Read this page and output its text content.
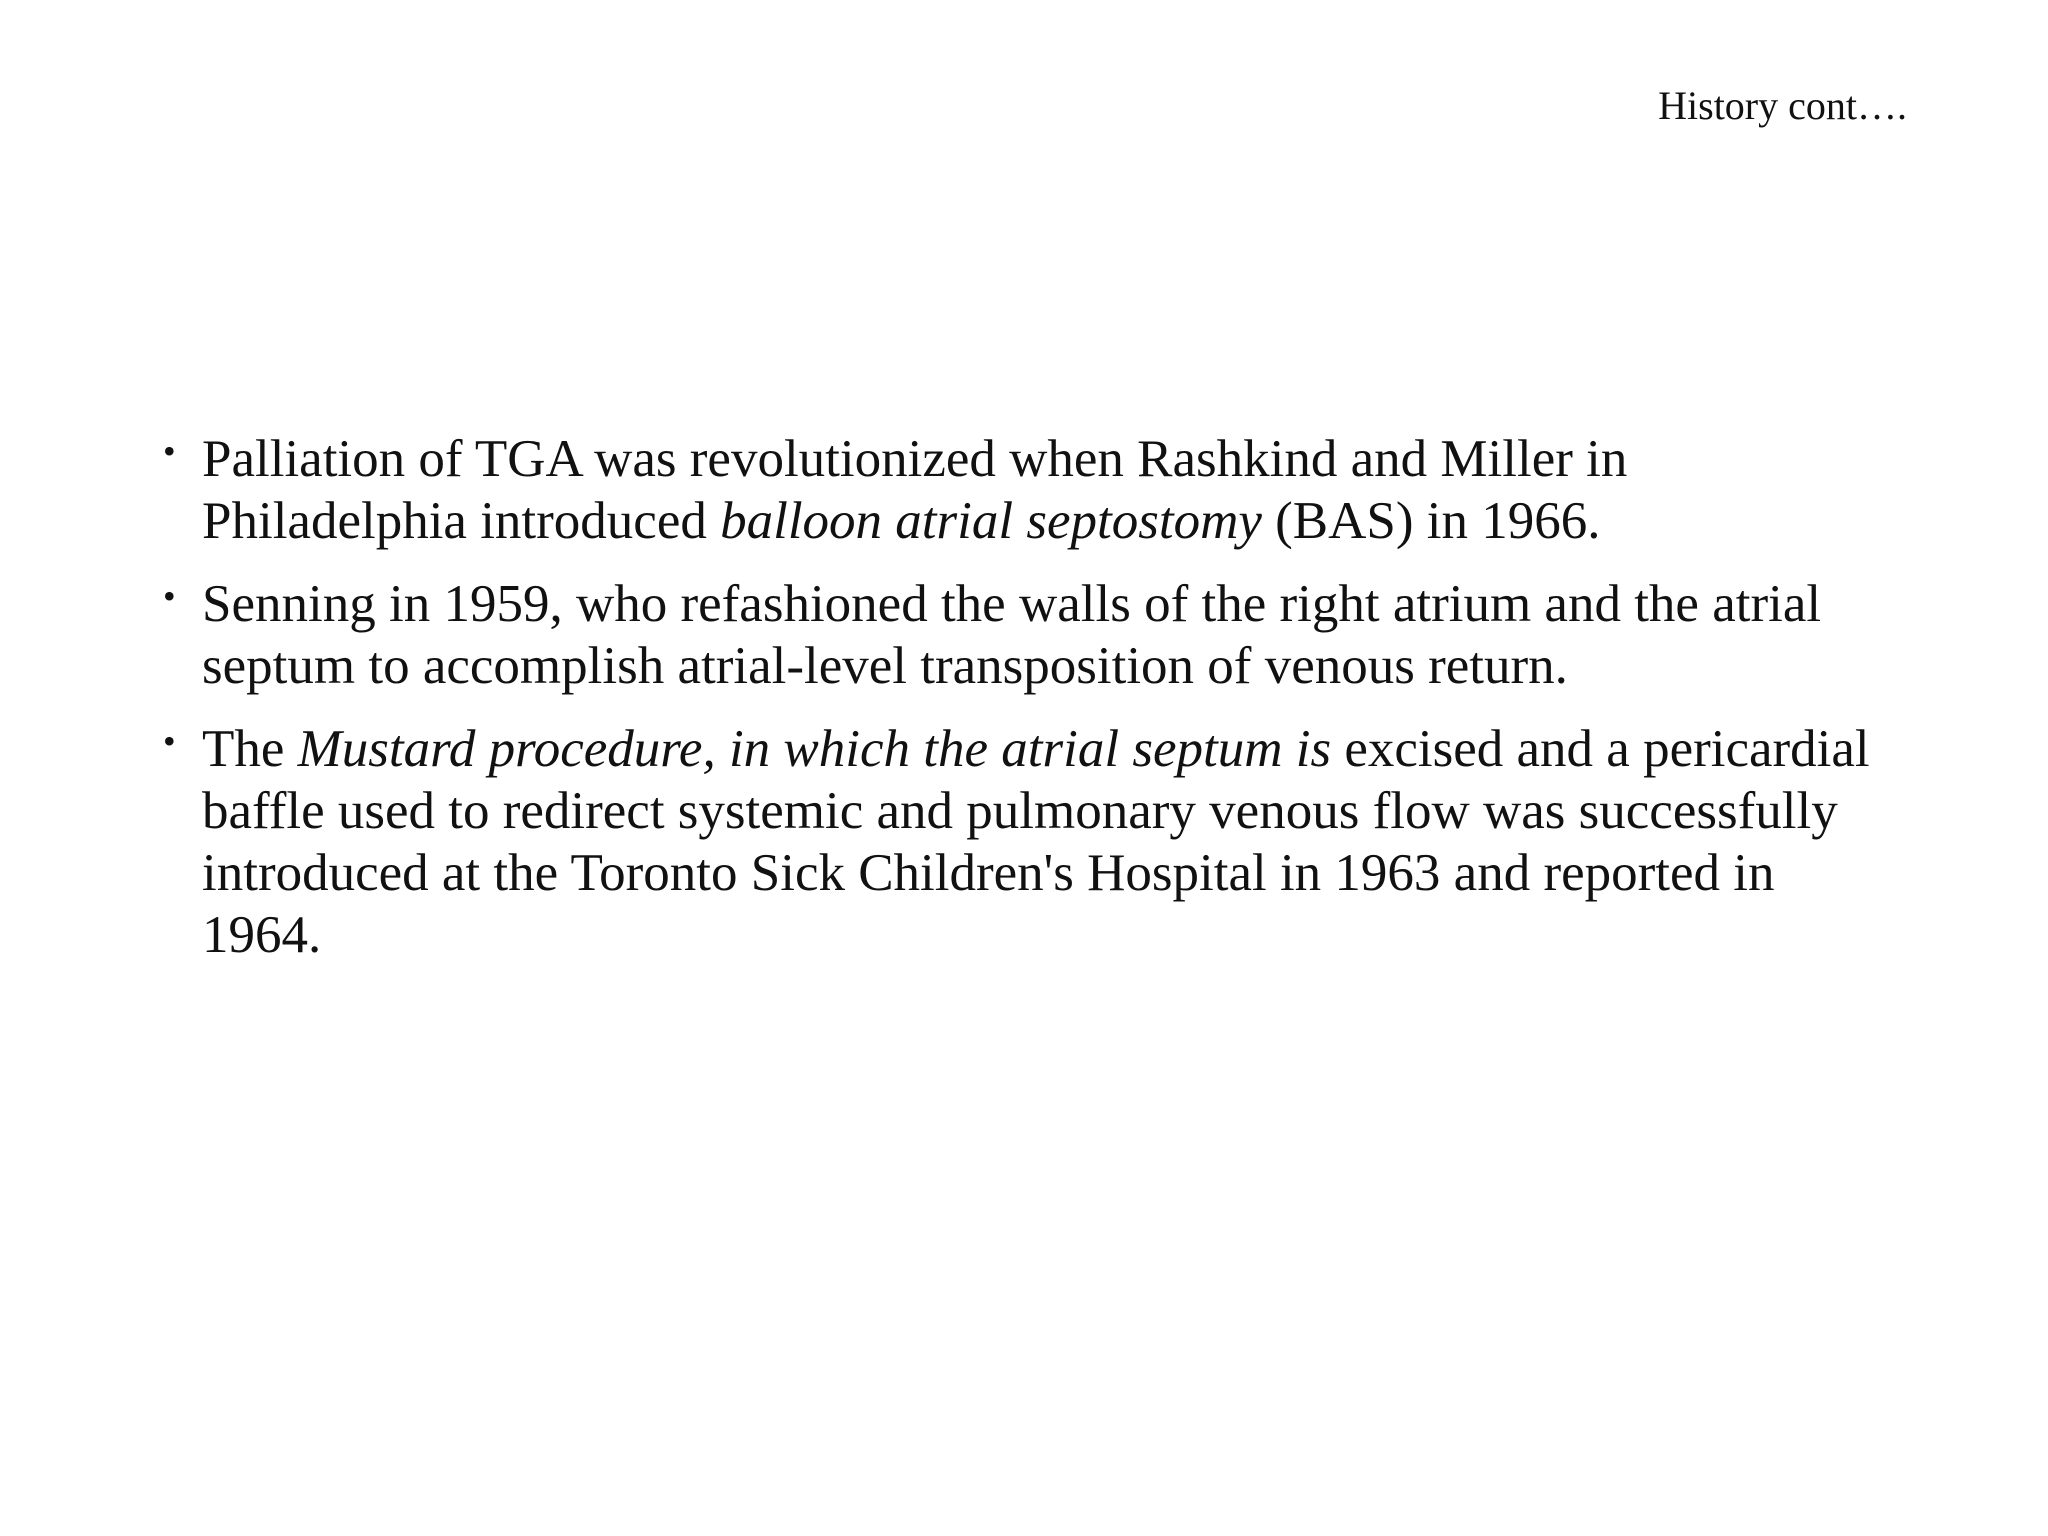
History cont….
• Palliation of TGA was revolutionized when Rashkind and Miller in Philadelphia introduced balloon atrial septostomy (BAS) in 1966.
• Senning in 1959, who refashioned the walls of the right atrium and the atrial septum to accomplish atrial-level transposition of venous return.
• The Mustard procedure, in which the atrial septum is excised and a pericardial baffle used to redirect systemic and pulmonary venous flow was successfully introduced at the Toronto Sick Children's Hospital in 1963 and reported in 1964.
